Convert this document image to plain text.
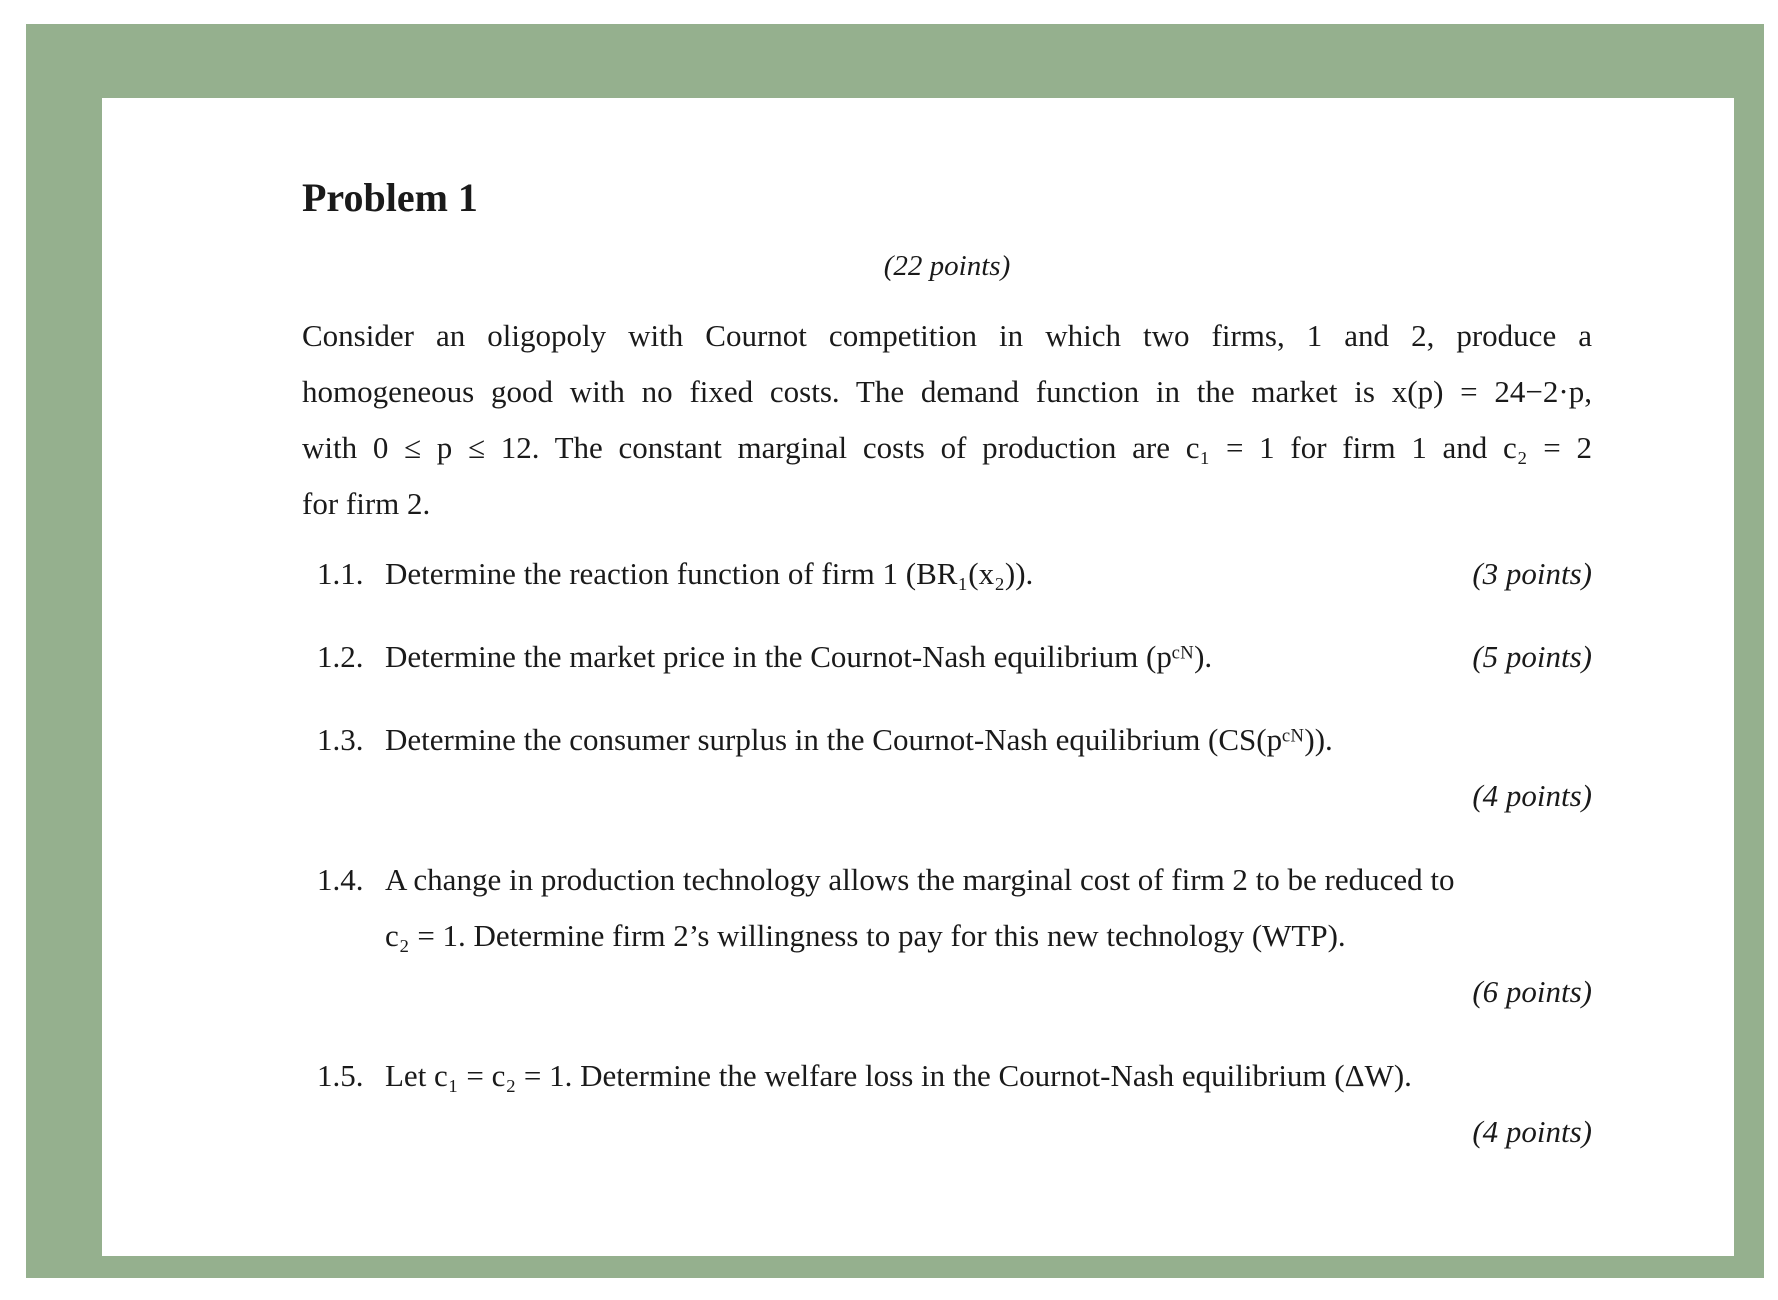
Problem 1
(22 points)

Consider an oligopoly with Cournot competition in which two firms, 1 and 2, produce a
homogeneous good with no fixed costs. The demand function in the market is x(p) = 24−2·p,
with 0 ≤ p ≤ 12. The constant marginal costs of production are c₁ = 1 for firm 1 and c₂ = 2
for firm 2.

1.1. Determine the reaction function of firm 1 (BR₁(x₂)).	(3 points)
1.2. Determine the market price in the Cournot-Nash equilibrium (pᶜᴺ).	(5 points)
1.3. Determine the consumer surplus in the Cournot-Nash equilibrium (CS(pᶜᴺ)).
(4 points)
1.4. A change in production technology allows the marginal cost of firm 2 to be reduced to
c₂ = 1. Determine firm 2’s willingness to pay for this new technology (WTP).
(6 points)
1.5. Let c₁ = c₂ = 1. Determine the welfare loss in the Cournot-Nash equilibrium (ΔW).
(4 points)
